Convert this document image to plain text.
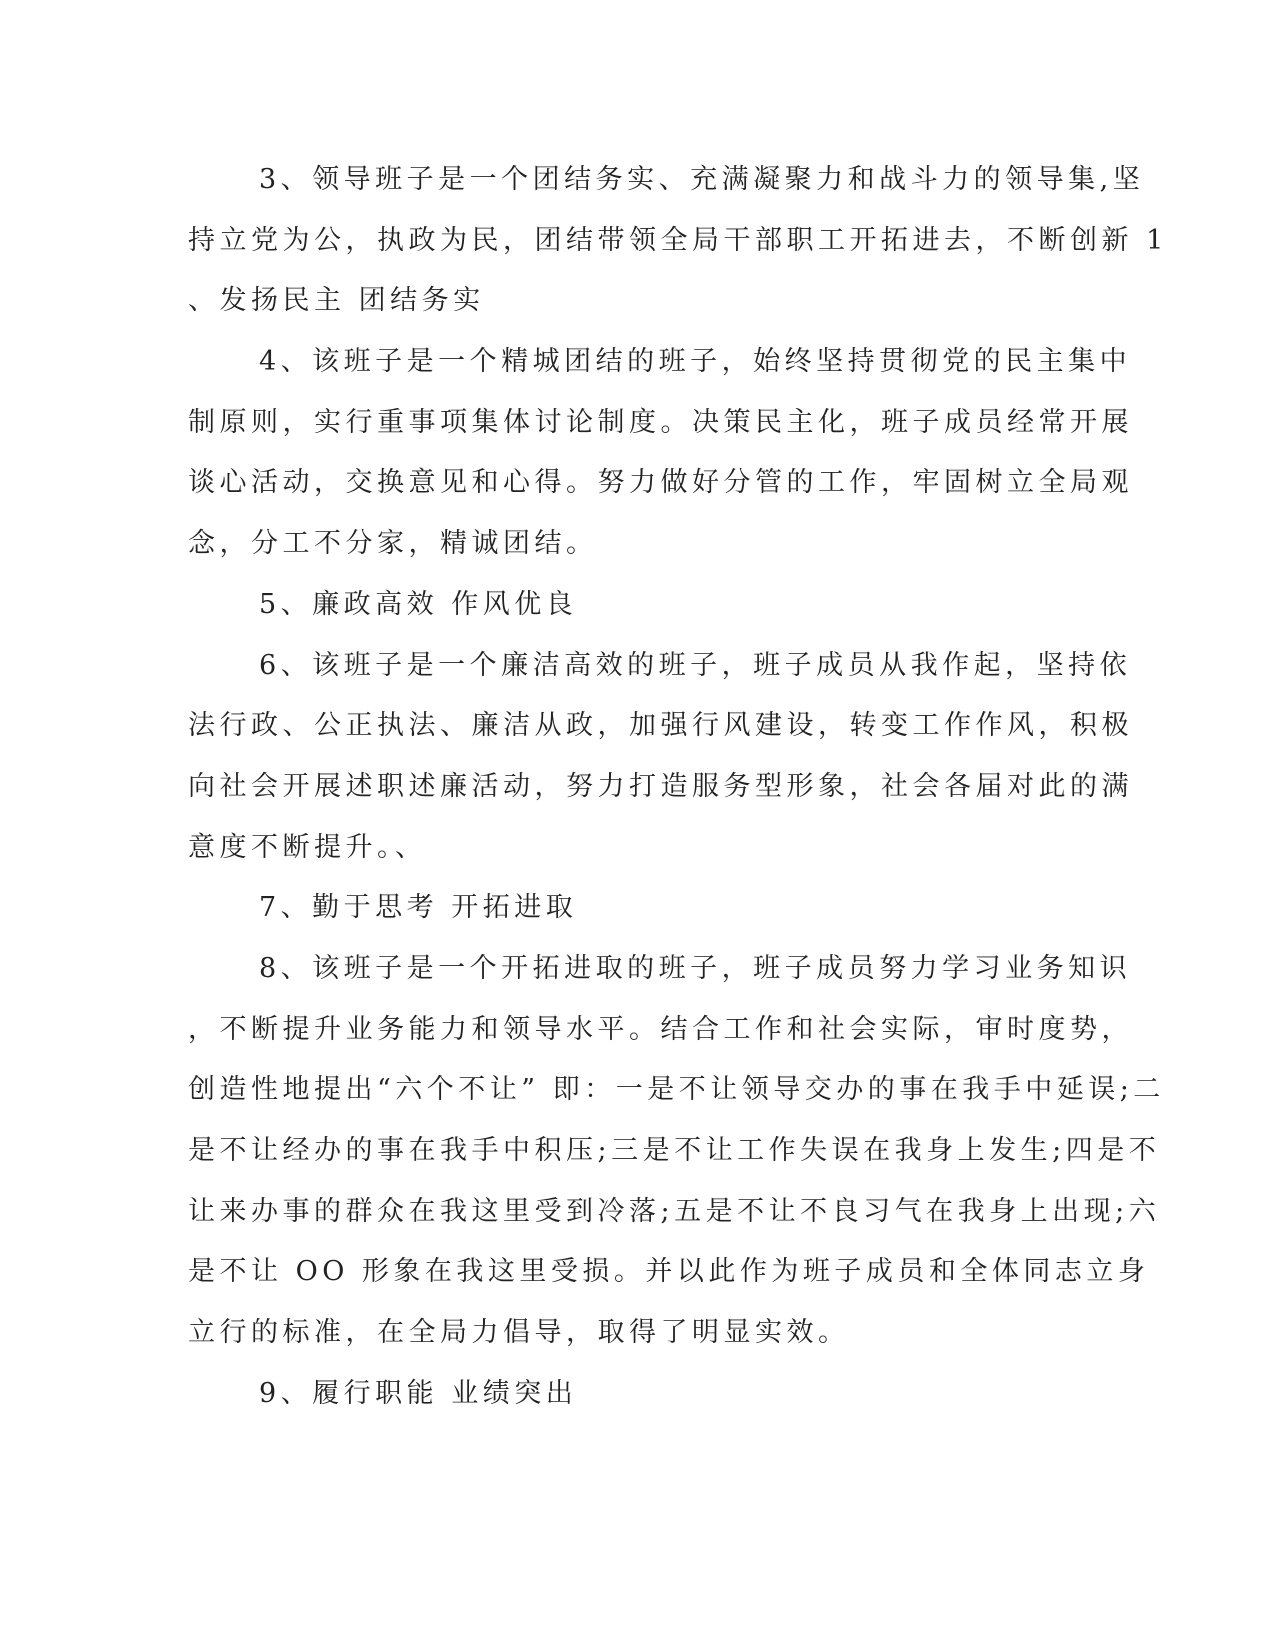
3、领导班子是一个团结务实、充满凝聚力和战斗力的领导集,坚
持立党为公，执政为民，团结带领全局干部职工开拓进去，不断创新 1
、发扬民主 团结务实
4、该班子是一个精城团结的班子，始终坚持贯彻党的民主集中
制原则，实行重事项集体讨论制度。决策民主化，班子成员经常开展
谈心活动，交换意见和心得。努力做好分管的工作，牢固树立全局观
念，分工不分家，精诚团结。
5、廉政高效 作风优良
6、该班子是一个廉洁高效的班子，班子成员从我作起，坚持依
法行政、公正执法、廉洁从政，加强行风建设，转变工作作风，积极
向社会开展述职述廉活动，努力打造服务型形象，社会各届对此的满
意度不断提升。、
7、勤于思考 开拓进取
8、该班子是一个开拓进取的班子，班子成员努力学习业务知识
，不断提升业务能力和领导水平。结合工作和社会实际，审时度势，
创造性地提出“六个不让” 即：一是不让领导交办的事在我手中延误;二
是不让经办的事在我手中积压;三是不让工作失误在我身上发生;四是不
让来办事的群众在我这里受到冷落;五是不让不良习气在我身上出现;六
是不让 OO 形象在我这里受损。并以此作为班子成员和全体同志立身
立行的标准，在全局力倡导，取得了明显实效。
9、履行职能 业绩突出
